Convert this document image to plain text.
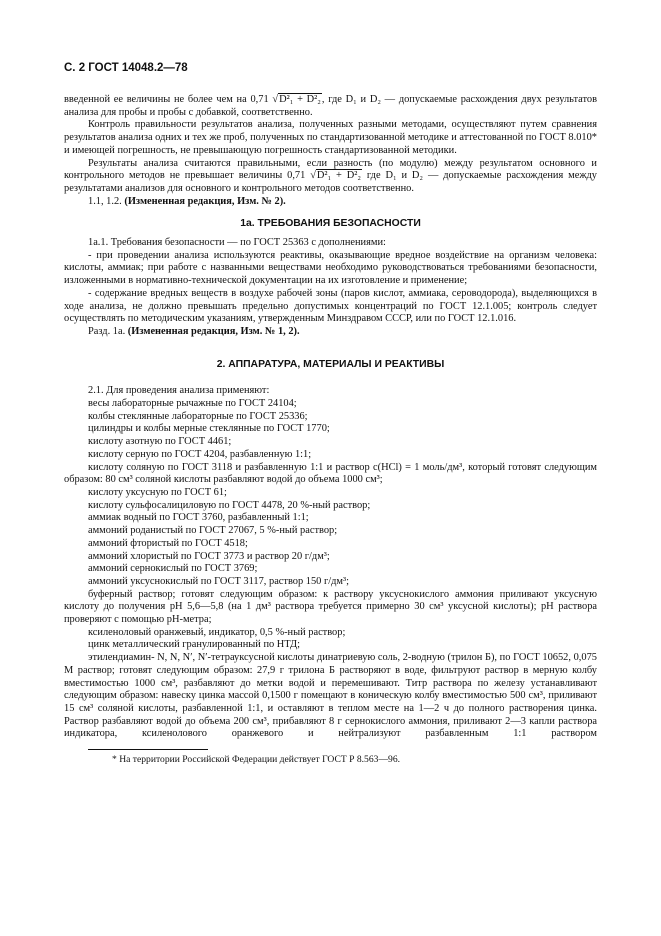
С. 2 ГОСТ 14048.2—78

введенной ее величины не более чем на 0,71 √D²₁ + D²₂, где D₁ и D₂ — допускаемые расхождения двух результатов анализа для пробы и пробы с добавкой, соответственно.

Контроль правильности результатов анализа, полученных разными методами, осуществляют путем сравнения результатов анализа одних и тех же проб, полученных по стандартизованной методике и аттестованной по ГОСТ 8.010* и имеющей погрешность, не превышающую погрешность стандартизованной методики.

Результаты анализа считаются правильными, если разность (по модулю) между результатом основного и контрольного методов не превышает величины 0,71 √D²₁ + D²₂ где D₁ и D₂ — допускаемые расхождения между результатами анализов для основного и контрольного методов соответственно.

1.1, 1.2. (Измененная редакция, Изм. № 2).

1а. ТРЕБОВАНИЯ БЕЗОПАСНОСТИ

1а.1. Требования безопасности — по ГОСТ 25363 с дополнениями:

- при проведении анализа используются реактивы, оказывающие вредное воздействие на организм человека: кислоты, аммиак; при работе с названными веществами необходимо руководствоваться требованиями безопасности, изложенными в нормативно-технической документации на их изготовление и применение;

- содержание вредных веществ в воздухе рабочей зоны (паров кислот, аммиака, сероводорода), выделяющихся в ходе анализа, не должно превышать предельно допустимых концентраций по ГОСТ 12.1.005; контроль следует осуществлять по методическим указаниям, утвержденным Минздравом СССР, или по ГОСТ 12.1.016.

Разд. 1а. (Измененная редакция, Изм. № 1, 2).

2. АППАРАТУРА, МАТЕРИАЛЫ И РЕАКТИВЫ

2.1. Для проведения анализа применяют:

весы лабораторные рычажные по ГОСТ 24104;

колбы стеклянные лабораторные по ГОСТ 25336;

цилиндры и колбы мерные стеклянные по ГОСТ 1770;

кислоту азотную по ГОСТ 4461;

кислоту серную по ГОСТ 4204, разбавленную 1:1;

кислоту соляную по ГОСТ 3118 и разбавленную 1:1 и раствор c(HCl) = 1 моль/дм³, который готовят следующим образом: 80 см³ соляной кислоты разбавляют водой до объема 1000 см³;

кислоту уксусную по ГОСТ 61;

кислоту сульфосалициловую по ГОСТ 4478, 20 %-ный раствор;

аммиак водный по ГОСТ 3760, разбавленный 1:1;

аммоний роданистый по ГОСТ 27067, 5 %-ный раствор;

аммоний фтористый по ГОСТ 4518;

аммоний хлористый по ГОСТ 3773 и раствор 20 г/дм³;

аммоний сернокислый по ГОСТ 3769;

аммоний уксуснокислый по ГОСТ 3117, раствор 150 г/дм³;

буферный раствор; готовят следующим образом: к раствору уксуснокислого аммония приливают уксусную кислоту до получения pH 5,6—5,8 (на 1 дм³ раствора требуется примерно 30 см³ уксусной кислоты); pH раствора проверяют с помощью pH-метра;

ксиленоловый оранжевый, индикатор, 0,5 %-ный раствор;

цинк металлический гранулированный по НТД;

этилендиамин- N, N, N′, N′-тетрауксусной кислоты динатриевую соль, 2-водную (трилон Б), по ГОСТ 10652, 0,075 М раствор; готовят следующим образом: 27,9 г трилона Б растворяют в воде, фильтруют раствор в мерную колбу вместимостью 1000 см³, разбавляют до метки водой и перемешивают. Титр раствора по железу устанавливают следующим образом: навеску цинка массой 0,1500 г помещают в коническую колбу вместимостью 500 см³, приливают 15 см³ соляной кислоты, разбавленной 1:1, и оставляют в теплом месте на 1—2 ч до полного растворения цинка. Раствор разбавляют водой до объема 200 см³, прибавляют 8 г сернокислого аммония, приливают 2—3 капли раствора индикатора, ксиленолового оранжевого и нейтрализуют разбавленным 1:1 раствором

* На территории Российской Федерации действует ГОСТ Р 8.563—96.
